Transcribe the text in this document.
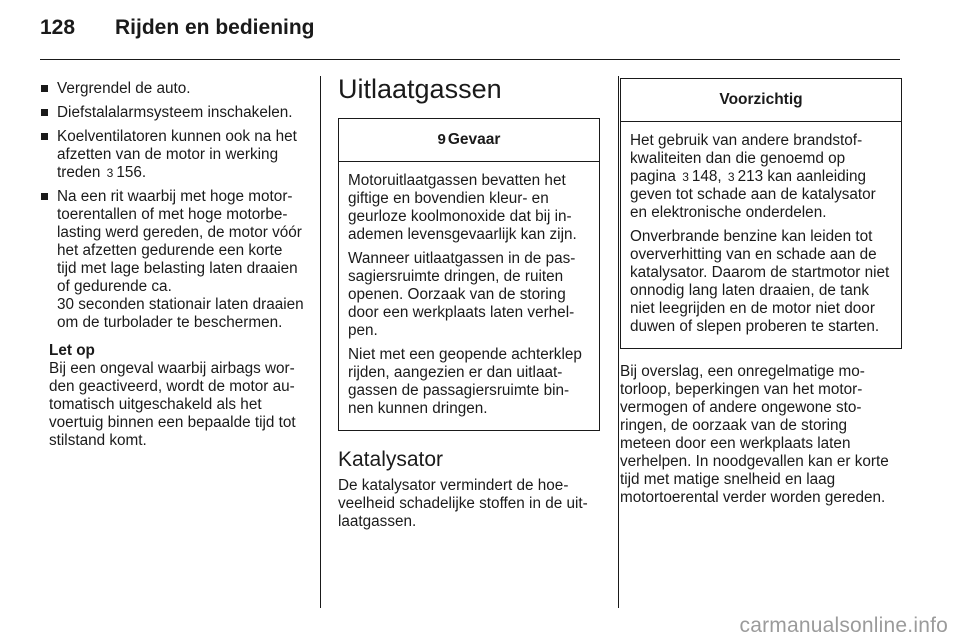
128 Rijden en bediening
Vergrendel de auto.
Diefstalalarmsysteem inschakelen.
Koelventilatoren kunnen ook na het afzetten van de motor in werking treden 3 156.
Na een rit waarbij met hoge motortoerentallen of met hoge motorbelasting werd gereden, de motor vóór het afzetten gedurende een korte tijd met lage belasting laten draaien of gedurende ca.
30 seconden stationair laten draaien om de turbolader te beschermen.
Let op
Bij een ongeval waarbij airbags worden geactiveerd, wordt de motor automatisch uitgeschakeld als het voertuig binnen een bepaalde tijd tot stilstand komt.
Uitlaatgassen
9 Gevaar

Motoruitlaatgassen bevatten het giftige en bovendien kleur- en geurloze koolmonoxide dat bij inademen levensgevaarlijk kan zijn.

Wanneer uitlaatgassen in de passagiersruimte dringen, de ruiten openen. Oorzaak van de storing door een werkplaats laten verhelpen.

Niet met een geopende achterklep rijden, aangezien er dan uitlaatgassen de passagiersruimte binnen kunnen dringen.

Katalysator

De katalysator vermindert de hoeveelheid schadelijke stoffen in de uitlaatgassen.

Voorzichtig

Het gebruik van andere brandstofkwaliteiten dan die genoemd op pagina 3 148, 3 213 kan aanleiding geven tot schade aan de katalysator en elektronische onderdelen.

Onverbrande benzine kan leiden tot oververhitting van en schade aan de katalysator. Daarom de startmotor niet onnodig lang laten draaien, de tank niet leegrijden en de motor niet door duwen of slepen proberen te starten.

Bij overslag, een onregelmatige motorloop, beperkingen van het motorvermogen of andere ongewone storingen, de oorzaak van de storing meteen door een werkplaats laten verhelpen. In noodgevallen kan er korte tijd met matige snelheid en laag motortoerental verder worden gereden.

carmanualsonline.info
